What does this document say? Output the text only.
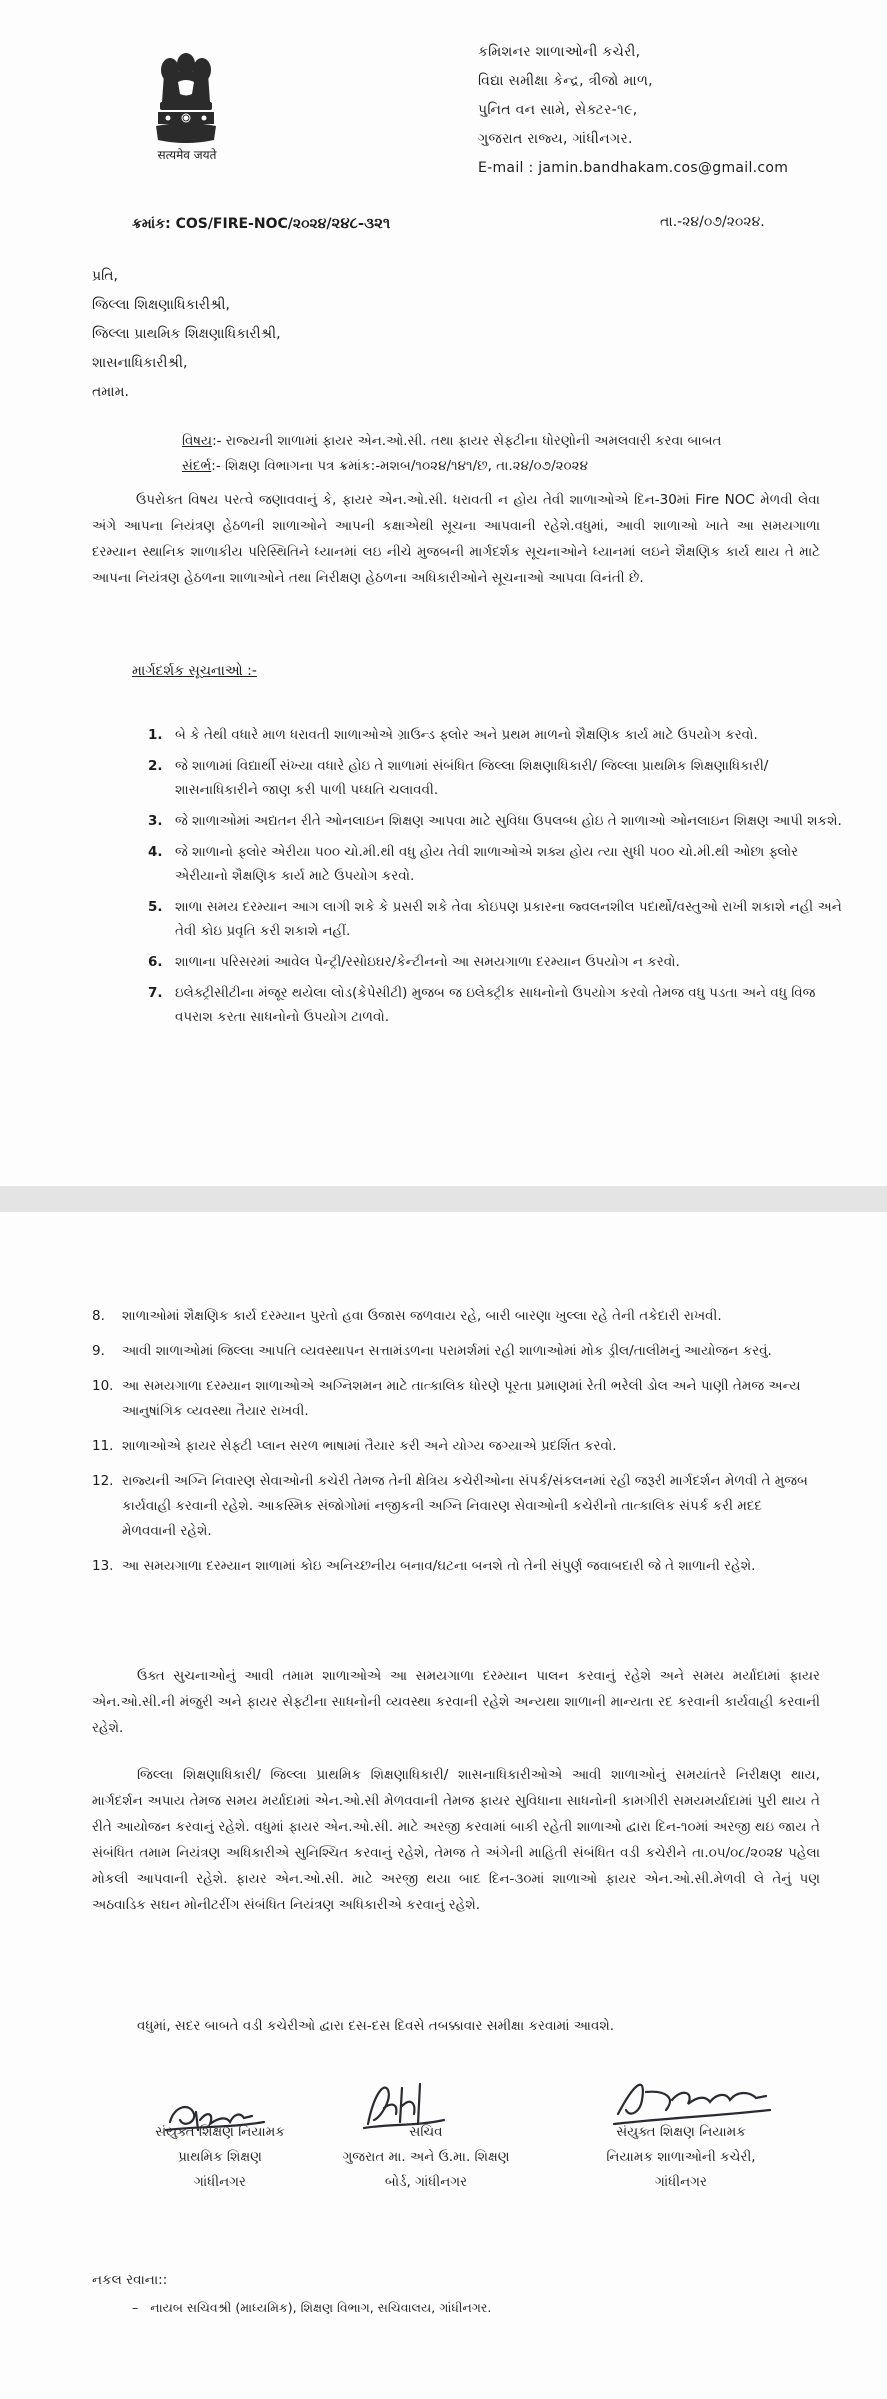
सत्यमेव जयते
કમિશનર શાળાઓની કચેરી,
વિદ્યા સમીક્ષા કેન્દ્ર, ત્રીજો માળ,
પુનિત વન સામે, સેક્ટર-૧૯,
ગુજરાત રાજ્ય, ગાંધીનગર.
E-mail : jamin.bandhakam.cos@gmail.com
ક્રમાંક: COS/FIRE-NOC/૨૦૨૪/૨૪૮-૩૨૧	તા.-૨૪/૦૭/૨૦૨૪.
પ્રતિ,
જિલ્લા શિક્ષણાધિકારીશ્રી,
જિલ્લા પ્રાથમિક શિક્ષણાધિકારીશ્રી,
શાસનાધિકારીશ્રી,
તમામ.
વિષય:- રાજ્યની શાળામાં ફાયર એન.ઓ.સી. તથા ફાયર સેફ્ટીના ધોરણોની અમલવારી કરવા બાબત
સંદર્ભ:- શિક્ષણ વિભાગના પત્ર ક્રમાંક:-મશબ/૧૦૨૪/૧૪૧/છ, તા.૨૪/૦૭/૨૦૨૪

ઉપરોક્ત વિષય પરત્વે જણાવવાનું કે, ફાયર એન.ઓ.સી. ધરાવતી ન હોય તેવી શાળાઓએ દિન-30માં Fire NOC મેળવી લેવા અંગે આપના નિયંત્રણ હેઠળની શાળાઓને આપની કક્ષાએથી સૂચના આપવાની રહેશે.વધુમાં, આવી શાળાઓ ખાતે આ સમયગાળા દરમ્યાન સ્થાનિક શાળાકીય પરિસ્થિતિને ધ્યાનમાં લઇ નીચે મુજબની માર્ગદર્શક સૂચનાઓને ધ્યાનમાં લઇને શૈક્ષણિક કાર્ય થાય તે માટે આપના નિયંત્રણ હેઠળના શાળાઓને તથા નિરીક્ષણ હેઠળના અધિકારીઓને સૂચનાઓ આપવા વિનંતી છે.

માર્ગદર્શક સૂચનાઓ :-
1. બે કે તેથી વધારે માળ ધરાવતી શાળાઓએ ગ્રાઉન્ડ ફ્લોર અને પ્રથમ માળનો શૈક્ષણિક કાર્ય માટે ઉપયોગ કરવો.
2. જે શાળામાં વિદ્યાર્થી સંખ્યા વધારે હોઇ તે શાળામાં સંબંધિત જિલ્લા શિક્ષણાધિકારી/ જિલ્લા પ્રાથમિક શિક્ષણાધિકારી/ શાસનાધિકારીને જાણ કરી પાળી પધ્ધતિ ચલાવવી.
3. જે શાળાઓમાં અદ્યતન રીતે ઓનલાઇન શિક્ષણ આપવા માટે સુવિધા ઉપલબ્ધ હોઇ તે શાળાઓ ઓનલાઇન શિક્ષણ આપી શકશે.
4. જે શાળાનો ફ્લોર એરીયા ૫૦૦ ચો.મી.થી વધુ હોય તેવી શાળાઓએ શક્ય હોય ત્યા સુધી ૫૦૦ ચો.મી.થી ઓછા ફ્લોર એરીયાનો શૈક્ષણિક કાર્ય માટે ઉપયોગ કરવો.
5. શાળા સમય દરમ્યાન આગ લાગી શકે કે પ્રસરી શકે તેવા કોઇપણ પ્રકારના જ્વલનશીલ પદાર્થો/વસ્તુઓ રાખી શકાશે નહી અને તેવી કોઇ પ્રવૃતિ કરી શકાશે નહીં.
6. શાળાના પરિસરમાં આવેલ પેન્ટ્રી/રસોઇઘર/કેન્ટીનનો આ સમયગાળા દરમ્યાન ઉપયોગ ન કરવો.
7. ઇલેક્ટ્રીસીટીના મંજૂર થયેલા લોડ(કેપેસીટી) મુજબ જ ઇલેક્ટ્રીક સાધનોનો ઉપયોગ કરવો તેમજ વધુ પડતા અને વધુ વિજ વપરાશ કરતા સાધનોનો ઉપયોગ ટાળવો.
8.	શાળાઓમાં શૈક્ષણિક કાર્ય દરમ્યાન પુરતો હવા ઉજાસ જળવાય રહે, બારી બારણા ખુલ્લા રહે તેની તકેદારી રાખવી.
9.	આવી શાળાઓમાં જિલ્લા આપતિ વ્યવસ્થાપન સત્તામંડળના પરામર્શમાં રહી શાળાઓમાં મોક ડ્રીલ/તાલીમનું આયોજન કરવું.
10. આ સમયગાળા દરમ્યાન શાળાઓએ અગ્નિશમન માટે તાત્કાલિક ધોરણે પૂરતા પ્રમાણમાં રેતી ભરેલી ડોલ અને પાણી તેમજ અન્ય આનુષાંગિક વ્યવસ્થા તૈયાર રાખવી.
11. શાળાઓએ ફાયર સેફ્ટી પ્લાન સરળ ભાષામાં તૈયાર કરી અને યોગ્ય જગ્યાએ પ્રદર્શિત કરવો.
12. રાજ્યની અગ્નિ નિવારણ સેવાઓની કચેરી તેમજ તેની ક્ષેત્રિય કચેરીઓના સંપર્ક/સંકલનમાં રહી જરૂરી માર્ગદર્શન મેળવી તે મુજબ કાર્યવાહી કરવાની રહેશે. આકસ્મિક સંજોગોમાં નજીકની અગ્નિ નિવારણ સેવાઓની કચેરીનો તાત્કાલિક સંપર્ક કરી મદદ મેળવવાની રહેશે.
13. આ સમયગાળા દરમ્યાન શાળામાં કોઇ અનિચ્છનીય બનાવ/ઘટના બનશે તો તેની સંપુર્ણ જવાબદારી જે તે શાળાની રહેશે.

ઉક્ત સુચનાઓનું આવી તમામ શાળાઓએ આ સમયગાળા દરમ્યાન પાલન કરવાનું રહેશે અને સમય મર્યાદામાં ફાયર એન.ઓ.સી.ની મંજુરી અને ફાયર સેફ્ટીના સાધનોની વ્યવસ્થા કરવાની રહેશે અન્યથા શાળાની માન્યતા રદ કરવાની કાર્યવાહી કરવાની રહેશે.

જિલ્લા શિક્ષણાધિકારી/ જિલ્લા પ્રાથમિક શિક્ષણાધિકારી/ શાસનાધિકારીઓએ આવી શાળાઓનું સમયાંતરે નિરીક્ષણ થાય, માર્ગદર્શન અપાય તેમજ સમય મર્યાદામાં એન.ઓ.સી મેળવવાની તેમજ ફાયર સુવિધાના સાધનોની કામગીરી સમયમર્યાદામાં પુરી થાય તે રીતે આયોજન કરવાનું રહેશે. વધુમાં ફાયર એન.ઓ.સી. માટે અરજી કરવામાં બાકી રહેતી શાળાઓ દ્વારા દિન-૧૦માં અરજી થઇ જાય તે સંબંધિત તમામ નિયંત્રણ અધિકારીએ સુનિશ્ચિત કરવાનું રહેશે, તેમજ તે અંગેની માહિતી સંબંધિત વડી કચેરીને તા.૦૫/૦૮/૨૦૨૪ પહેલા મોકલી આપવાની રહેશે. ફાયર એન.ઓ.સી. માટે અરજી થયા બાદ દિન-૩૦માં શાળાઓ ફાયર એન.ઓ.સી.મેળવી લે તેનું પણ અઠવાડિક સઘન મોનીટરીંગ સંબંધિત નિયંત્રણ અધિકારીએ કરવાનું રહેશે.

વધુમાં, સદર બાબતે વડી કચેરીઓ દ્વારા દસ-દસ દિવસે તબક્કાવાર સમીક્ષા કરવામાં આવશે.

સંયુક્ત શિક્ષણ નિયામક
પ્રાથમિક શિક્ષણ
ગાંધીનગર
સચિવ
ગુજરાત મા. અને ઉ.મા. શિક્ષણ
બોર્ડ, ગાંધીનગર
સંયુક્ત શિક્ષણ નિયામક
નિયામક શાળાઓની કચેરી,
ગાંધીનગર
નકલ રવાના::
– નાયબ સચિવશ્રી (માધ્યમિક), શિક્ષણ વિભાગ, સચિવાલય, ગાંધીનગર.
